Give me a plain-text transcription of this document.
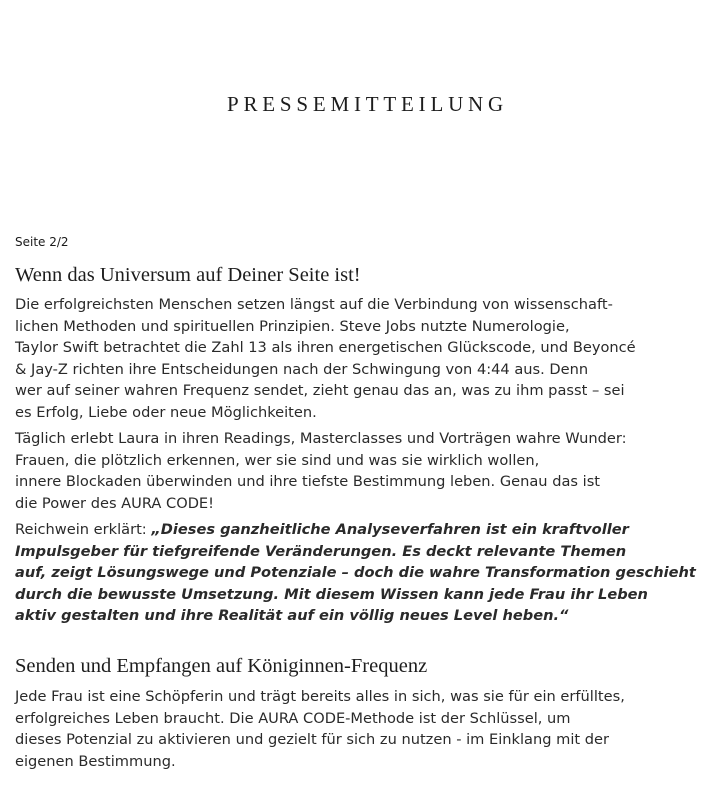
PRESSEMITTEILUNG
Seite 2/2
Wenn das Universum auf Deiner Seite ist!

Die erfolgreichsten Menschen setzen längst auf die Verbindung von wissenschaft-
lichen Methoden und spirituellen Prinzipien. Steve Jobs nutzte Numerologie,
Taylor Swift betrachtet die Zahl 13 als ihren energetischen Glückscode, und Beyoncé
& Jay-Z richten ihre Entscheidungen nach der Schwingung von 4:44 aus. Denn
wer auf seiner wahren Frequenz sendet, zieht genau das an, was zu ihm passt – sei
es Erfolg, Liebe oder neue Möglichkeiten.

Täglich erlebt Laura in ihren Readings, Masterclasses und Vorträgen wahre Wunder:
Frauen, die plötzlich erkennen, wer sie sind und was sie wirklich wollen,
innere Blockaden überwinden und ihre tiefste Bestimmung leben. Genau das ist
die Power des AURA CODE!

Reichwein erklärt: „Dieses ganzheitliche Analyseverfahren ist ein kraftvoller
Impulsgeber für tiefgreifende Veränderungen. Es deckt relevante Themen
auf, zeigt Lösungswege und Potenziale – doch die wahre Transformation geschieht
durch die bewusste Umsetzung. Mit diesem Wissen kann jede Frau ihr Leben
aktiv gestalten und ihre Realität auf ein völlig neues Level heben.“

Senden und Empfangen auf Königinnen-Frequenz

Jede Frau ist eine Schöpferin und trägt bereits alles in sich, was sie für ein erfülltes,
erfolgreiches Leben braucht. Die AURA CODE-Methode ist der Schlüssel, um
dieses Potenzial zu aktivieren und gezielt für sich zu nutzen - im Einklang mit der
eigenen Bestimmung.
